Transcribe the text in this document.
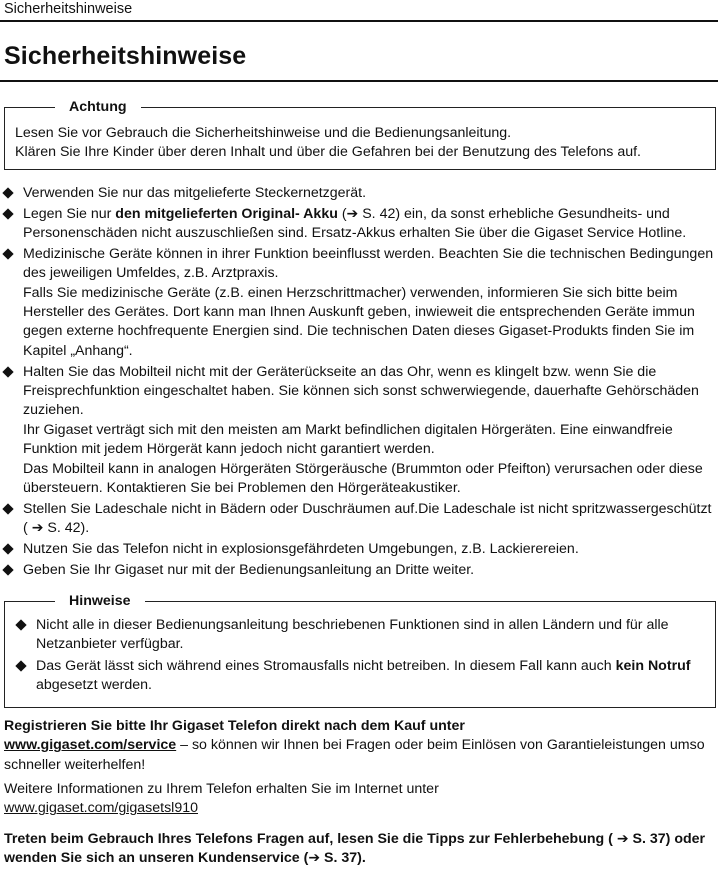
Sicherheitshinweise
Sicherheitshinweise
Achtung
Lesen Sie vor Gebrauch die Sicherheitshinweise und die Bedienungsanleitung.
Klären Sie Ihre Kinder über deren Inhalt und über die Gefahren bei der Benutzung des Telefons auf.
Verwenden Sie nur das mitgelieferte Steckernetzgerät.
Legen Sie nur den mitgelieferten Original- Akku (➔ S. 42) ein, da sonst erhebliche Gesundheits- und Personenschäden nicht auszuschließen sind. Ersatz-Akkus erhalten Sie über die Gigaset Service Hotline.
Medizinische Geräte können in ihrer Funktion beeinflusst werden. Beachten Sie die technischen Bedingungen des jeweiligen Umfeldes, z.B. Arztpraxis.
Falls Sie medizinische Geräte (z.B. einen Herzschrittmacher) verwenden, informieren Sie sich bitte beim Hersteller des Gerätes. Dort kann man Ihnen Auskunft geben, inwieweit die entsprechenden Geräte immun gegen externe hochfrequente Energien sind. Die technischen Daten dieses Gigaset-Produkts finden Sie im Kapitel „Anhang“.
Halten Sie das Mobilteil nicht mit der Geräterückseite an das Ohr, wenn es klingelt bzw. wenn Sie die Freisprechfunktion eingeschaltet haben. Sie können sich sonst schwerwiegende, dauerhafte Gehörschäden zuziehen.
Ihr Gigaset verträgt sich mit den meisten am Markt befindlichen digitalen Hörgeräten. Eine einwandfreie Funktion mit jedem Hörgerät kann jedoch nicht garantiert werden.
Das Mobilteil kann in analogen Hörgeräten Störgeräusche (Brummton oder Pfeifton) verursachen oder diese übersteuern. Kontaktieren Sie bei Problemen den Hörgeräteakustiker.
Stellen Sie Ladeschale nicht in Bädern oder Duschräumen auf.Die Ladeschale ist nicht spritzwassergeschützt ( ➔ S. 42).
Nutzen Sie das Telefon nicht in explosionsgefährdeten Umgebungen, z.B. Lackierereien.
Geben Sie Ihr Gigaset nur mit der Bedienungsanleitung an Dritte weiter.
Hinweise
Nicht alle in dieser Bedienungsanleitung beschriebenen Funktionen sind in allen Ländern und für alle Netzanbieter verfügbar.
Das Gerät lässt sich während eines Stromausfalls nicht betreiben. In diesem Fall kann auch kein Notruf abgesetzt werden.
Registrieren Sie bitte Ihr Gigaset Telefon direkt nach dem Kauf unter
www.gigaset.com/service – so können wir Ihnen bei Fragen oder beim Einlösen von Garantieleistungen umso schneller weiterhelfen!
Weitere Informationen zu Ihrem Telefon erhalten Sie im Internet unter
www.gigaset.com/gigasetsl910
Treten beim Gebrauch Ihres Telefons Fragen auf, lesen Sie die Tipps zur Fehlerbehebung ( ➔ S. 37) oder wenden Sie sich an unseren Kundenservice (➔ S. 37).
